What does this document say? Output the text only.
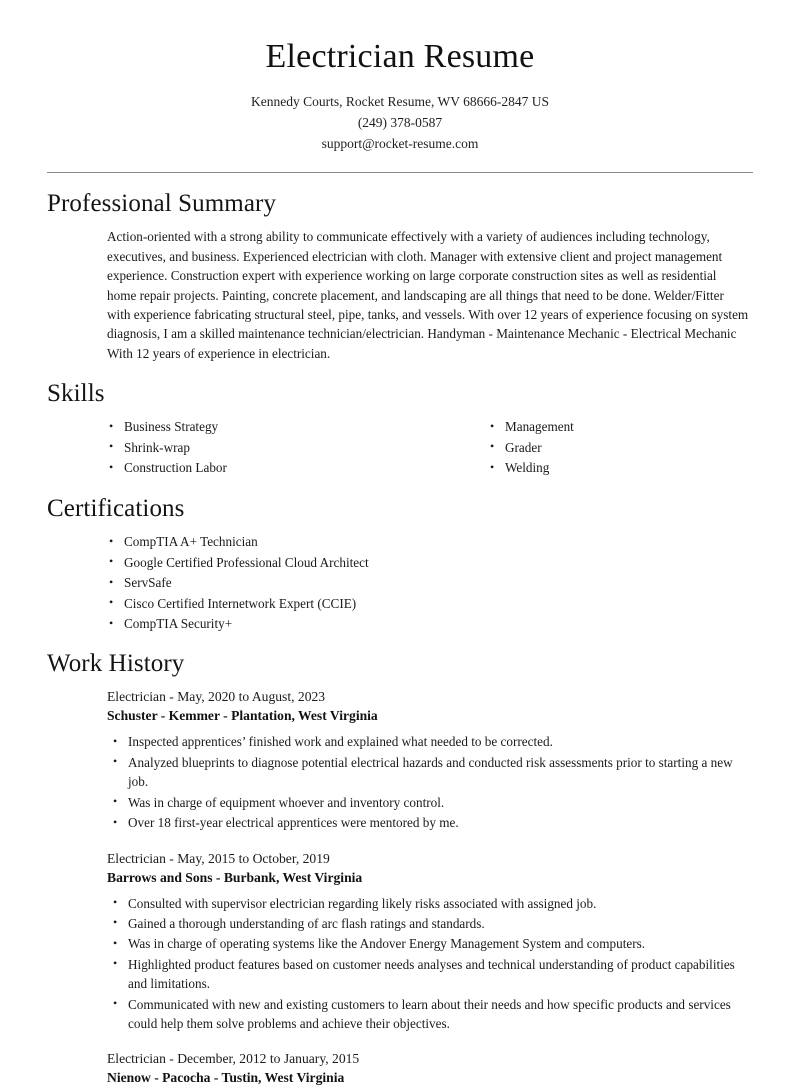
Electrician Resume

Kennedy Courts, Rocket Resume, WV 68666-2847 US

(249) 378-0587

support@rocket-resume.com

Professional Summary

Action-oriented with a strong ability to communicate effectively with a variety of audiences including technology, executives, and business. Experienced electrician with cloth. Manager with extensive client and project management experience. Construction expert with experience working on large corporate construction sites as well as residential home repair projects. Painting, concrete placement, and landscaping are all things that need to be done. Welder/Fitter with experience fabricating structural steel, pipe, tanks, and vessels. With over 12 years of experience focusing on system diagnosis, I am a skilled maintenance technician/electrician. Handyman - Maintenance Mechanic - Electrical Mechanic With 12 years of experience in electrician.

Skills
• Business Strategy
• Shrink-wrap
• Construction Labor
• Management
• Grader
• Welding
Certifications
• CompTIA A+ Technician
• Google Certified Professional Cloud Architect
• ServSafe
• Cisco Certified Internetwork Expert (CCIE)
• CompTIA Security+
Work History

Electrician - May, 2020 to August, 2023

Schuster - Kemmer - Plantation, West Virginia

• Inspected apprentices’ finished work and explained what needed to be corrected.
• Analyzed blueprints to diagnose potential electrical hazards and conducted risk assessments prior to starting a new job.
• Was in charge of equipment whoever and inventory control.
• Over 18 first-year electrical apprentices were mentored by me.

Electrician - May, 2015 to October, 2019

Barrows and Sons - Burbank, West Virginia

• Consulted with supervisor electrician regarding likely risks associated with assigned job.
• Gained a thorough understanding of arc flash ratings and standards.
• Was in charge of operating systems like the Andover Energy Management System and computers.
• Highlighted product features based on customer needs analyses and technical understanding of product capabilities and limitations.
• Communicated with new and existing customers to learn about their needs and how specific products and services could help them solve problems and achieve their objectives.

Electrician - December, 2012 to January, 2015

Nienow - Pacocha - Tustin, West Virginia
